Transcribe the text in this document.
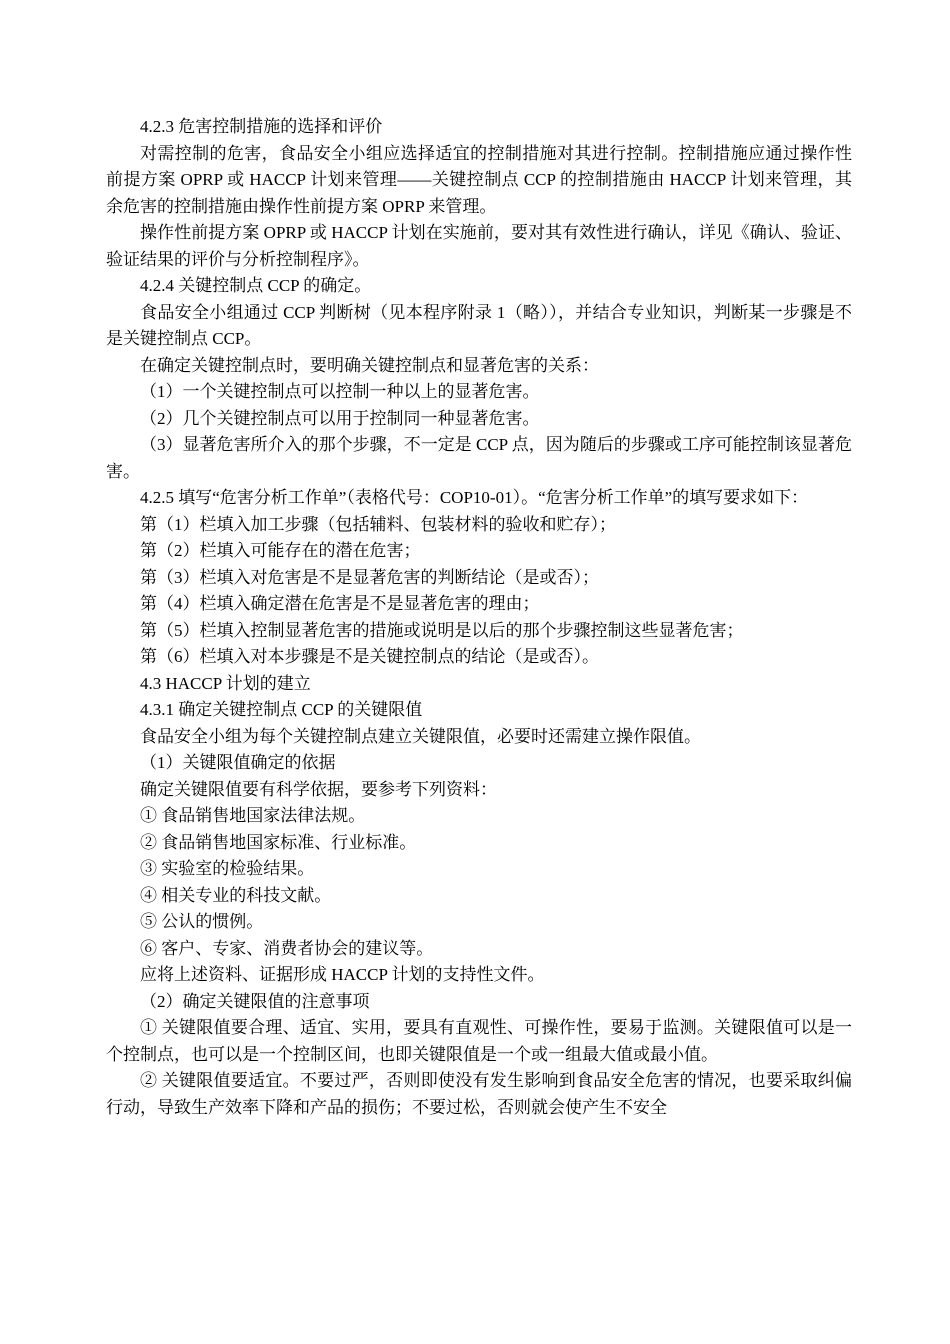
4.2.3 危害控制措施的选择和评价

对需控制的危害，食品安全小组应选择适宜的控制措施对其进行控制。控制措施应通过操作性前提方案 OPRP 或 HACCP 计划来管理——关键控制点 CCP 的控制措施由 HACCP 计划来管理，其余危害的控制措施由操作性前提方案 OPRP 来管理。

操作性前提方案 OPRP 或 HACCP 计划在实施前，要对其有效性进行确认，详见《确认、验证、验证结果的评价与分析控制程序》。

4.2.4 关键控制点 CCP 的确定。

食品安全小组通过 CCP 判断树（见本程序附录 1（略）），并结合专业知识，判断某一步骤是不是关键控制点 CCP。

在确定关键控制点时，要明确关键控制点和显著危害的关系：

（1）一个关键控制点可以控制一种以上的显著危害。

（2）几个关键控制点可以用于控制同一种显著危害。

（3）显著危害所介入的那个步骤，不一定是 CCP 点，因为随后的步骤或工序可能控制该显著危害。

4.2.5 填写“危害分析工作单”（表格代号：COP10-01）。“危害分析工作单”的填写要求如下：

第（1）栏填入加工步骤（包括辅料、包装材料的验收和贮存）；

第（2）栏填入可能存在的潜在危害；

第（3）栏填入对危害是不是显著危害的判断结论（是或否）；

第（4）栏填入确定潜在危害是不是显著危害的理由；

第（5）栏填入控制显著危害的措施或说明是以后的那个步骤控制这些显著危害；

第（6）栏填入对本步骤是不是关键控制点的结论（是或否）。

4.3 HACCP 计划的建立

4.3.1 确定关键控制点 CCP 的关键限值

食品安全小组为每个关键控制点建立关键限值，必要时还需建立操作限值。

（1）关键限值确定的依据

确定关键限值要有科学依据，要参考下列资料：

① 食品销售地国家法律法规。

② 食品销售地国家标准、行业标准。

③ 实验室的检验结果。

④ 相关专业的科技文献。

⑤ 公认的惯例。

⑥ 客户、专家、消费者协会的建议等。

应将上述资料、证据形成 HACCP 计划的支持性文件。

（2）确定关键限值的注意事项

① 关键限值要合理、适宜、实用，要具有直观性、可操作性，要易于监测。关键限值可以是一个控制点，也可以是一个控制区间，也即关键限值是一个或一组最大值或最小值。

② 关键限值要适宜。不要过严，否则即使没有发生影响到食品安全危害的情况，也要采取纠偏行动，导致生产效率下降和产品的损伤；不要过松，否则就会使产生不安全
